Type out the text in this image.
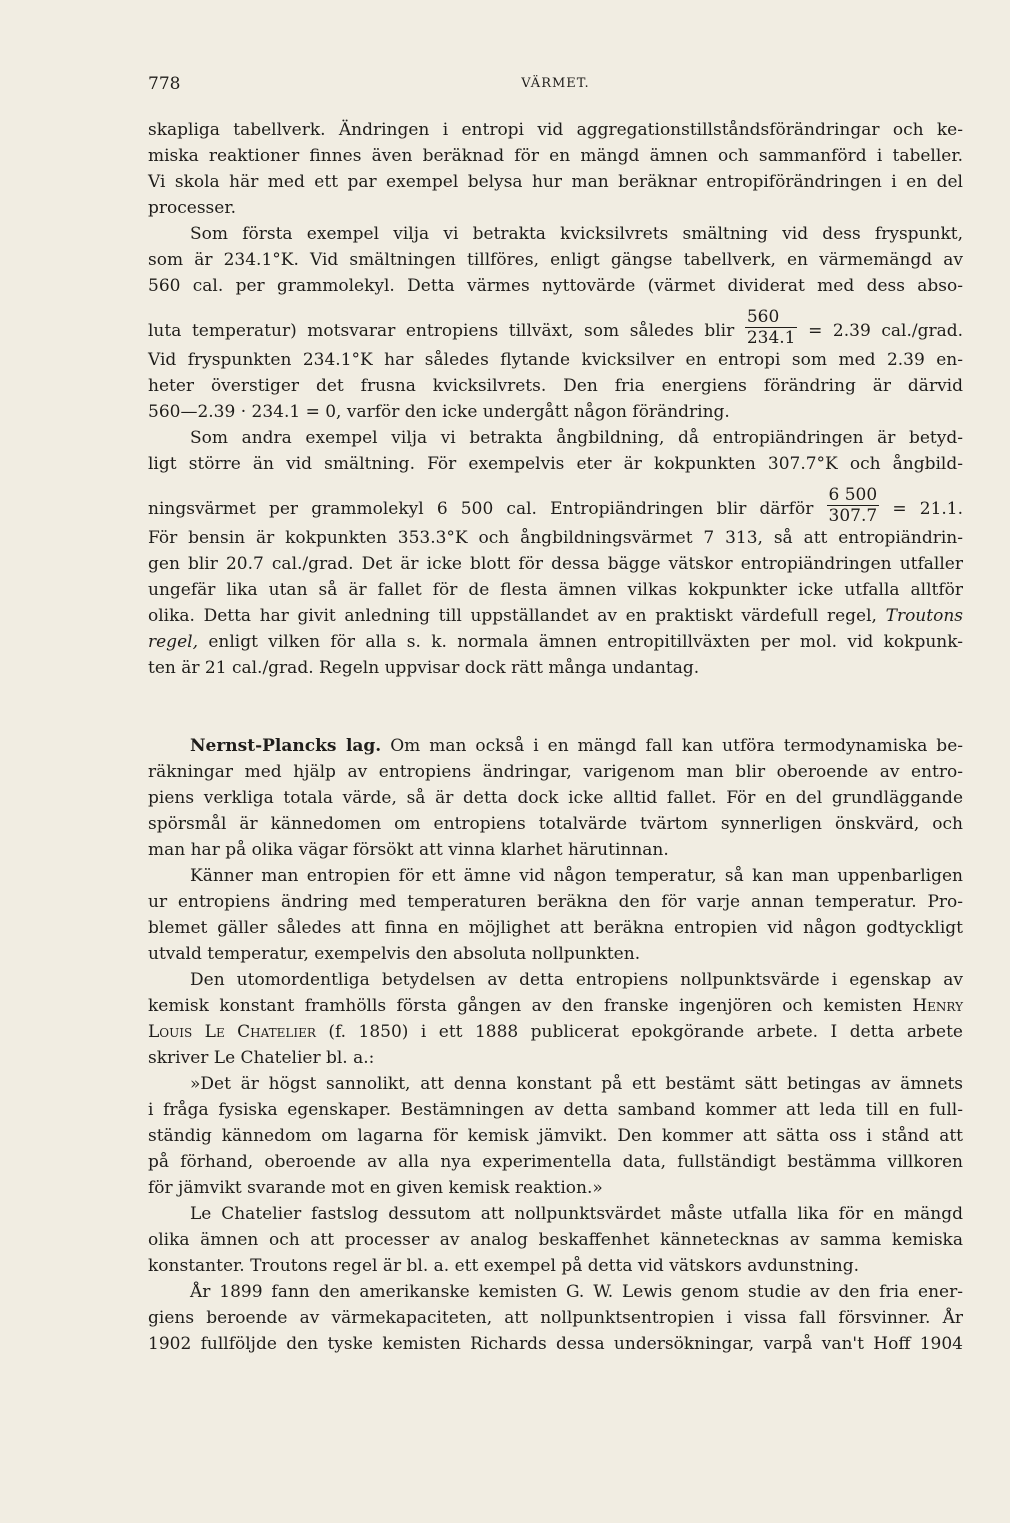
778	VÄRMET.
skapliga tabellverk. Ändringen i entropi vid aggregationstillståndsförändringar och ke-
miska reaktioner finnes även beräknad för en mängd ämnen och sammanförd i tabeller.
Vi skola här med ett par exempel belysa hur man beräknar entropiförändringen i en del
processer.
Som första exempel vilja vi betrakta kvicksilvrets smältning vid dess fryspunkt,
som är 234.1°K. Vid smältningen tillföres, enligt gängse tabellverk, en värmemängd av
560 cal. per grammolekyl. Detta värmes nyttovärde (värmet dividerat med dess abso-
luta temperatur) motsvarar entropiens tillväxt, som således blir $\frac{560}{234.1} = 2.39$ cal./grad.
Vid fryspunkten 234.1°K har således flytande kvicksilver en entropi som med 2.39 en-
heter överstiger det frusna kvicksilvrets. Den fria energiens förändring är därvid
560—2.39 · 234.1 = 0, varför den icke undergått någon förändring.
Som andra exempel vilja vi betrakta ångbildning, då entropiändringen är betyd-
ligt större än vid smältning. För exempelvis eter är kokpunkten 307.7°K och ångbild-
ningsvärmet per grammolekyl 6 500 cal. Entropiändringen blir därför $\frac{6 500}{307.7} = 21.1$.
För bensin är kokpunkten 353.3°K och ångbildningsvärmet 7 313, så att entropiändrin-
gen blir 20.7 cal./grad. Det är icke blott för dessa bägge vätskor entropiändringen utfaller
ungefär lika utan så är fallet för de flesta ämnen vilkas kokpunkter icke utfalla alltför
olika. Detta har givit anledning till uppställandet av en praktiskt värdefull regel, Troutons
regel, enligt vilken för alla s. k. normala ämnen entropitillväxten per mol. vid kokpunk-
ten är 21 cal./grad. Regeln uppvisar dock rätt många undantag.
Nernst-Plancks lag. Om man också i en mängd fall kan utföra termodynamiska be-
räkningar med hjälp av entropiens ändringar, varigenom man blir oberoende av entro-
piens verkliga totala värde, så är detta dock icke alltid fallet. För en del grundläggande
spörsmål är kännedomen om entropiens totalvärde tvärtom synnerligen önskvärd, och
man har på olika vägar försökt att vinna klarhet härutinnan.
Känner man entropien för ett ämne vid någon temperatur, så kan man uppenbarligen
ur entropiens ändring med temperaturen beräkna den för varje annan temperatur. Pro-
blemet gäller således att finna en möjlighet att beräkna entropien vid någon godtyckligt
utvald temperatur, exempelvis den absoluta nollpunkten.
Den utomordentliga betydelsen av detta entropiens nollpunktsvärde i egenskap av
kemisk konstant framhölls första gången av den franske ingenjören och kemisten Henry
Louis Le Chatelier (f. 1850) i ett 1888 publicerat epokgörande arbete. I detta arbete
skriver Le Chatelier bl. a.:
»Det är högst sannolikt, att denna konstant på ett bestämt sätt betingas av ämnets
i fråga fysiska egenskaper. Bestämningen av detta samband kommer att leda till en full-
ständig kännedom om lagarna för kemisk jämvikt. Den kommer att sätta oss i stånd att
på förhand, oberoende av alla nya experimentella data, fullständigt bestämma villkoren
för jämvikt svarande mot en given kemisk reaktion.»
Le Chatelier fastslog dessutom att nollpunktsvärdet måste utfalla lika för en mängd
olika ämnen och att processer av analog beskaffenhet kännetecknas av samma kemiska
konstanter. Troutons regel är bl. a. ett exempel på detta vid vätskors avdunstning.
År 1899 fann den amerikanske kemisten G. W. Lewis genom studie av den fria ener-
giens beroende av värmekapaciteten, att nollpunktsentropien i vissa fall försvinner. År
1902 fullföljde den tyske kemisten Richards dessa undersökningar, varpå van't Hoff 1904
